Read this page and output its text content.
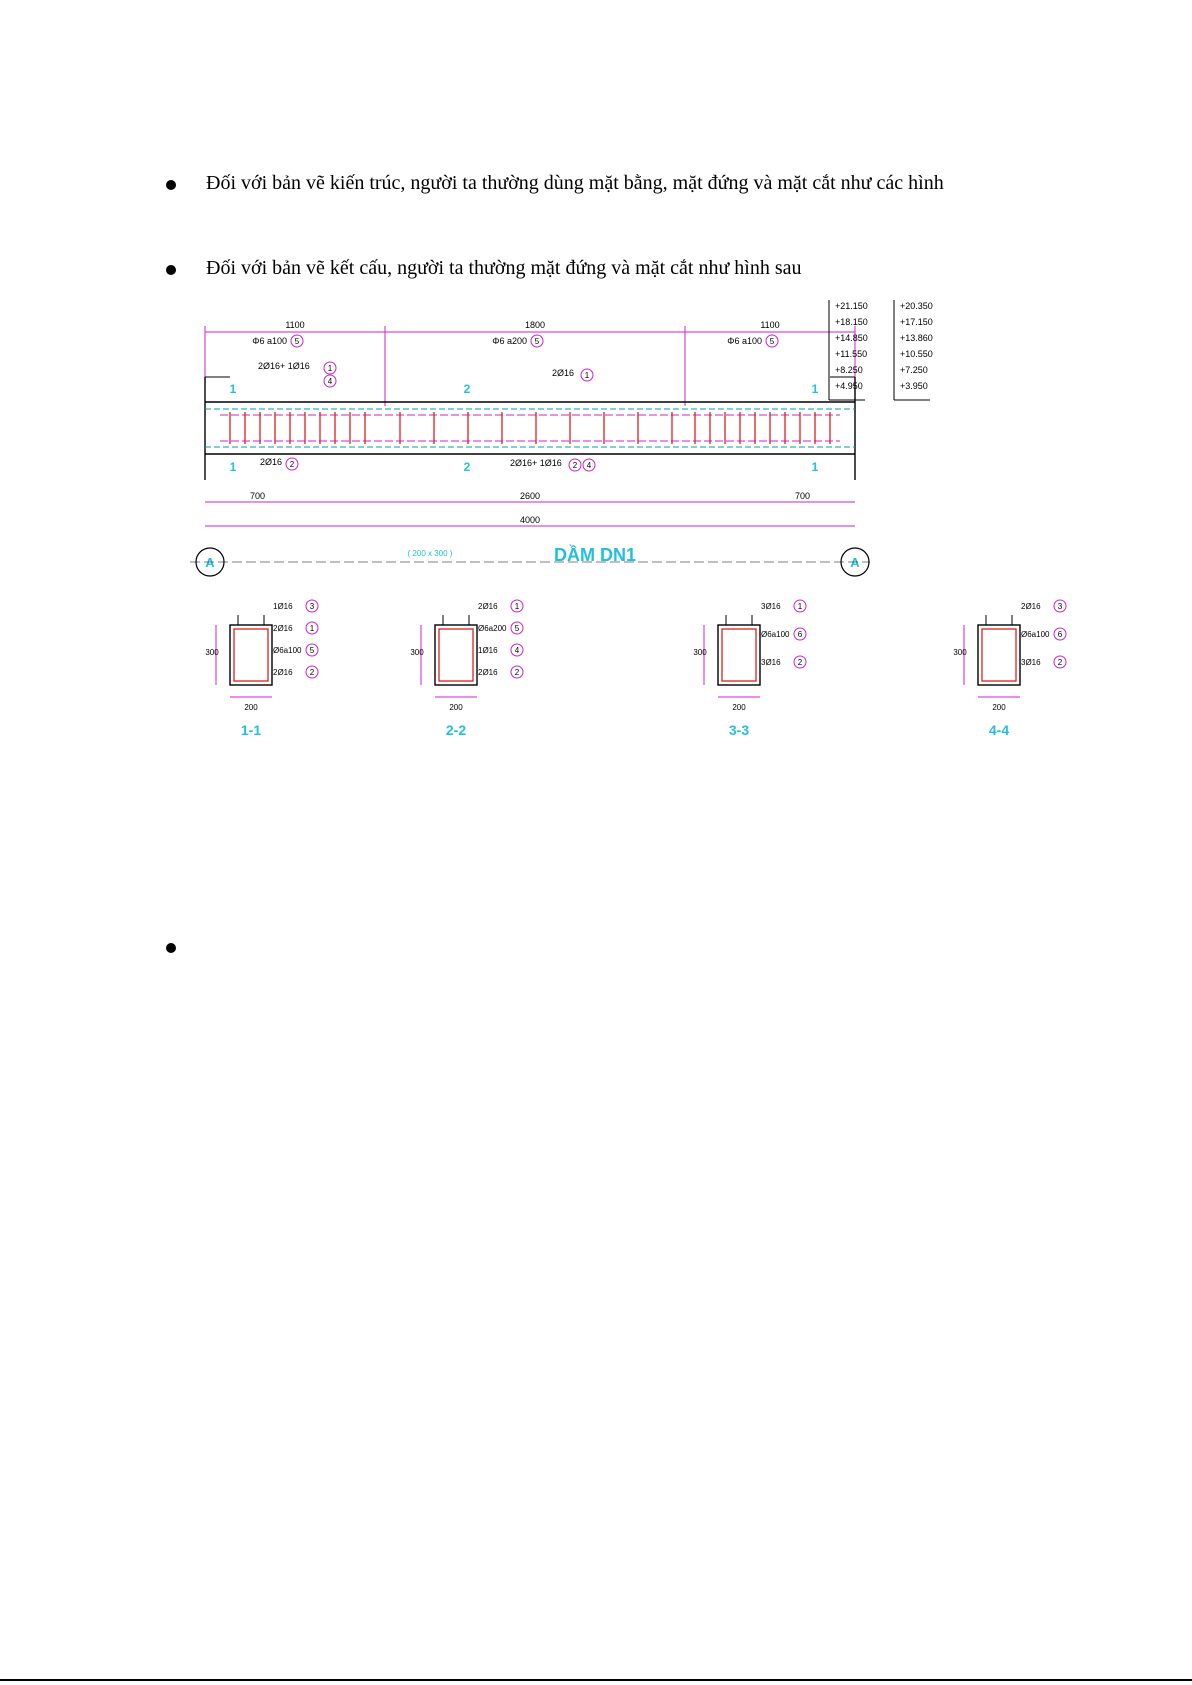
Đối với bản vẽ kiến trúc, người ta thường dùng mặt bằng, mặt đứng và mặt cắt như các hình
Đối với bản vẽ kết cấu, người ta thường mặt đứng và mặt cắt như hình sau
1100
Φ6 a100 5
1800
Φ6 a200 5
1100
Φ6 a100 5
1
1
2
2
1
1
2Ø16+ 1Ø16 1
4
2Ø16 1
2Ø16 2	2Ø16+ 1Ø16 2 4
700	2600	700
4000
A	A
( 200 x 300 )	DẦM DN1
+21.150
+18.150
+14.850
+11.550
+8.250
+4.950
+20.350
+17.150
+13.860
+10.550
+7.250
+3.950
300
200
1-1
1Ø16 3
2Ø16 1
Ø6a100 5
2Ø16 2
300
200
2-2
2Ø16 1
Ø6a200 5
1Ø16 4
2Ø16 2
300
200
3-3
3Ø16 1
Ø6a100 6
3Ø16 2
300
200
4-4
2Ø16 3
Ø6a100 6
3Ø16 2
